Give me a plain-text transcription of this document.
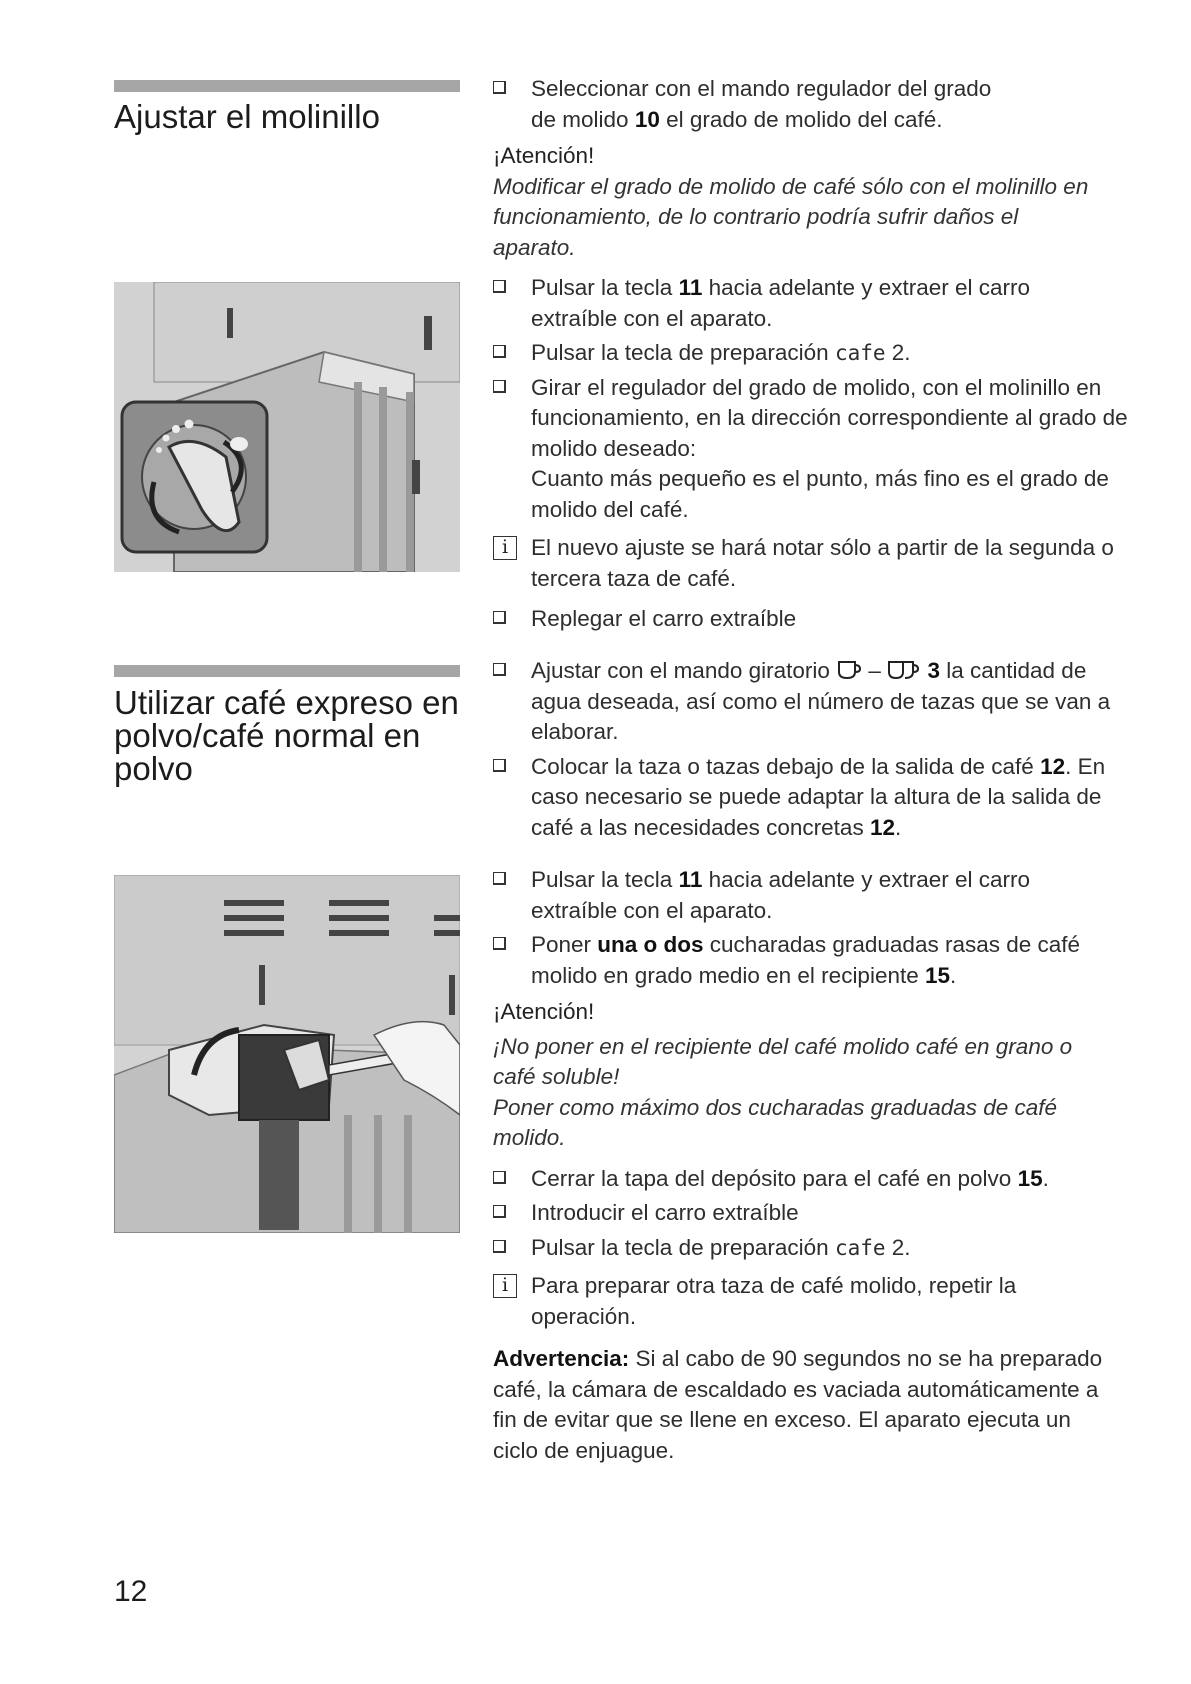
Ajustar el molinillo
Utilizar café expreso en polvo/café normal en polvo
12
Seleccionar con el mando regulador del grado
de molido 10 el grado de molido del café.
¡Atención!
Modificar el grado de molido de café sólo con el molinillo en funcionamiento, de lo contrario podría sufrir daños el aparato.
Pulsar la tecla 11 hacia adelante y extraer el carro extraíble con el aparato.
Pulsar la tecla de preparación cafe 2.
Girar el regulador del grado de molido, con el molinillo en funcionamiento, en la dirección correspondiente al grado de molido deseado:
Cuanto más pequeño es el punto, más fino es el grado de molido del café.
i	El nuevo ajuste se hará notar sólo a partir de la segunda o tercera taza de café.
Replegar el carro extraíble
Ajustar con el mando giratorio  –  3 la cantidad de agua deseada, así como el número de tazas que se van a elaborar.
Colocar la taza o tazas debajo de la salida de café 12. En caso necesario se puede adaptar la altura de la salida de café a las necesidades concretas 12.
Pulsar la tecla 11 hacia adelante y extraer el carro extraíble con el aparato.
Poner una o dos cucharadas graduadas rasas de café molido en grado medio en el recipiente 15.
¡Atención!
¡No poner en el recipiente del café molido café en grano o café soluble!
Poner como máximo dos cucharadas graduadas de café molido.
Cerrar la tapa del depósito para el café en polvo 15.
Introducir el carro extraíble
Pulsar la tecla de preparación cafe 2.
i	Para preparar otra taza de café molido, repetir la operación.
Advertencia: Si al cabo de 90 segundos no se ha preparado café, la cámara de escaldado es vaciada automáticamente a fin de evitar que se llene en exceso. El aparato ejecuta un ciclo de enjuague.
